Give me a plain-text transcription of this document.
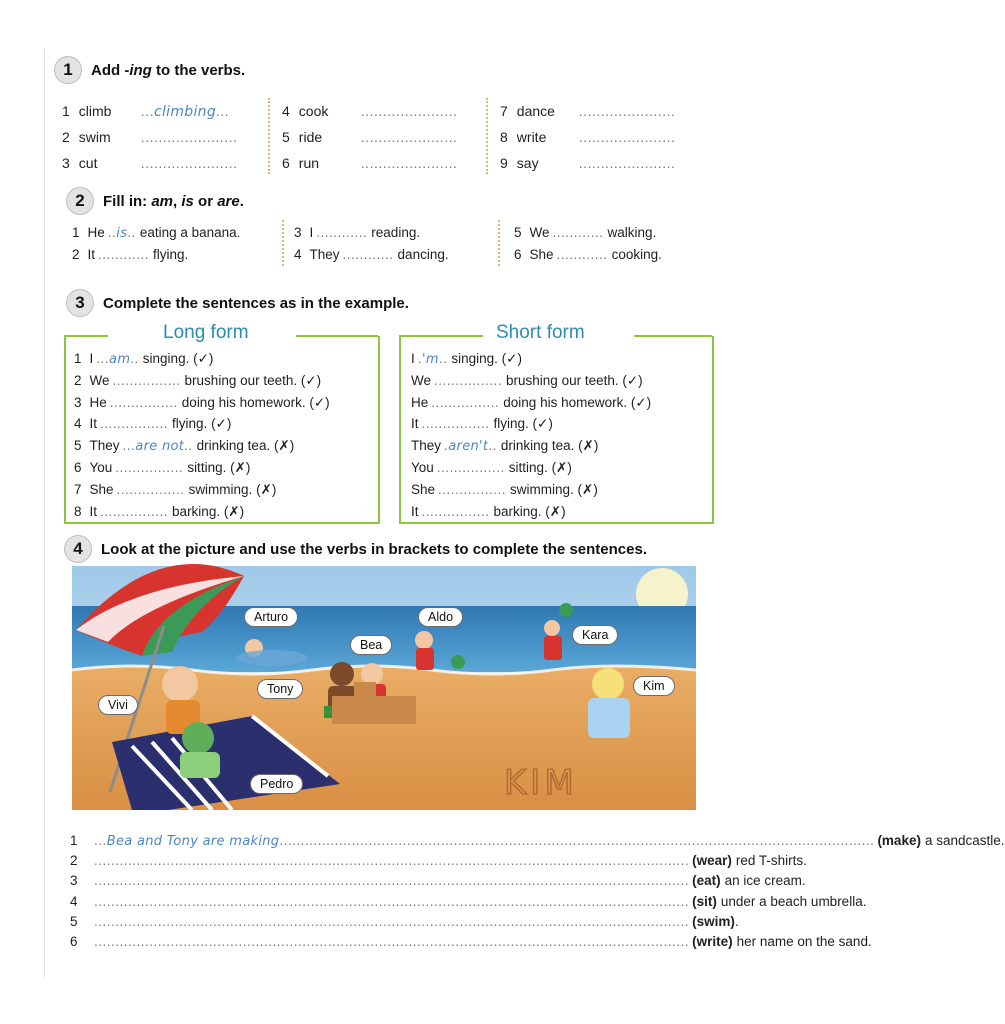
1	Add -ing to the verbs.
1 climb ...climbing...
2 swim ......................
3 cut	......................
4 cook ......................
5 ride	......................
6 run	......................
7 dance ......................
8 write ......................
9 say	......................
2	Fill in: am, is or are.
1 He ..is.. eating a banana.
2 It ............ flying.
3 I ............ reading.
4 They ............ dancing.
5 We ............ walking.
6 She ............ cooking.
3	Complete the sentences as in the example.
Long form	Short form
1 I ...am.. singing. (✓)
2 We ................ brushing our teeth. (✓)
3 He ................ doing his homework. (✓)
4 It ................ flying. (✓)
5 They ...are not.. drinking tea. (✗)
6 You ................ sitting. (✗)
7 She ................ swimming. (✗)
8 It ................ barking. (✗)
I .'m.. singing. (✓)
We ................ brushing our teeth. (✓)
He ................ doing his homework. (✓)
It ................ flying. (✓)
They .aren't.. drinking tea. (✗)
You ................ sitting. (✗)
She ................ swimming. (✗)
It ................ barking. (✗)
4	Look at the picture and use the verbs in brackets to complete the sentences.
KIM
Arturo	Aldo
Bea
Kara
Tony	Kim
Vivi
Pedro
1	...Bea and Tony are making............................................................................................................................................ (make) a sandcastle.
2	............................................................................................................................................ (wear) red T-shirts.
3	............................................................................................................................................ (eat) an ice cream.
4	............................................................................................................................................ (sit) under a beach umbrella.
5	............................................................................................................................................ (swim) .
6	............................................................................................................................................ (write) her name on the sand.
